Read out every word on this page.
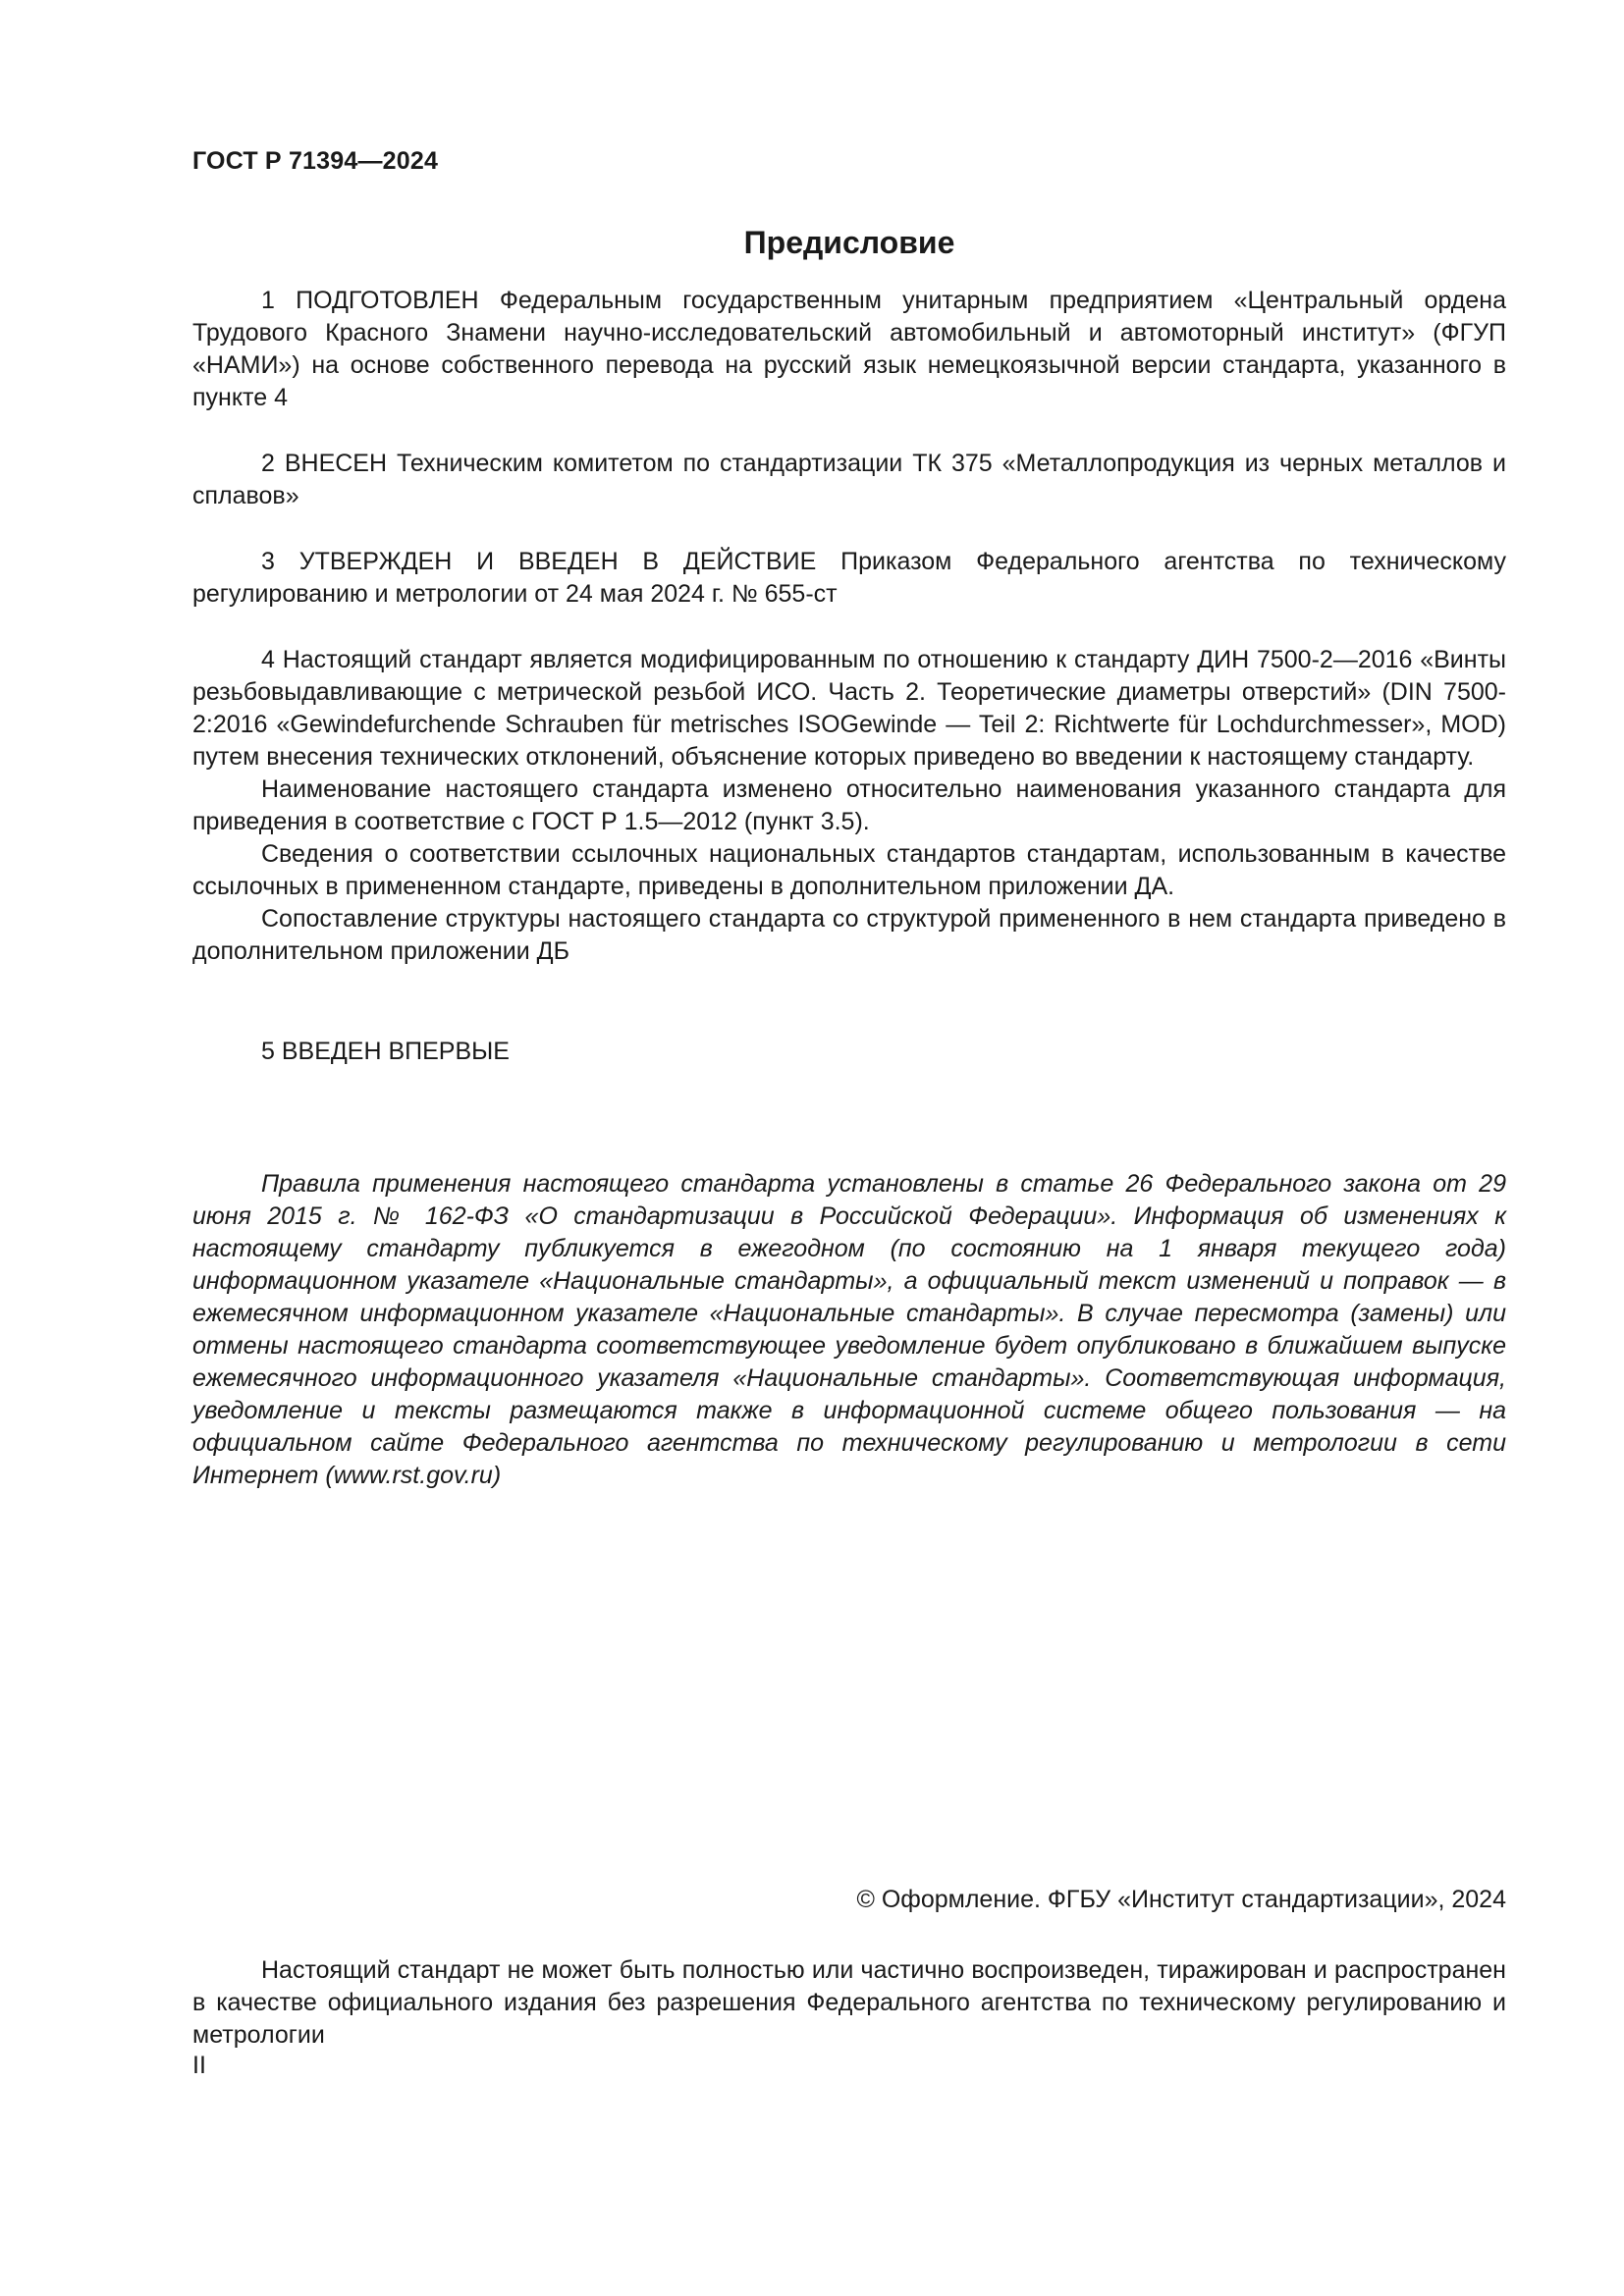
ГОСТ Р 71394—2024
Предисловие

1 ПОДГОТОВЛЕН Федеральным государственным унитарным предприятием «Центральный ордена Трудового Красного Знамени научно-исследовательский автомобильный и автомоторный институт» (ФГУП «НАМИ») на основе собственного перевода на русский язык немецкоязычной версии стандарта, указанного в пункте 4

2 ВНЕСЕН Техническим комитетом по стандартизации ТК 375 «Металлопродукция из черных металлов и сплавов»

3 УТВЕРЖДЕН И ВВЕДЕН В ДЕЙСТВИЕ Приказом Федерального агентства по техническому регулированию и метрологии от 24 мая 2024 г. № 655-ст

4 Настоящий стандарт является модифицированным по отношению к стандарту ДИН 7500-2—2016 «Винты резьбовыдавливающие с метрической резьбой ИСО. Часть 2. Теоретические диаметры отверстий» (DIN 7500-2:2016 «Gewindefurchende Schrauben für metrisches ISOGewinde — Teil 2: Richtwerte für Lochdurchmesser», MOD) путем внесения технических отклонений, объяснение которых приведено во введении к настоящему стандарту.

Наименование настоящего стандарта изменено относительно наименования указанного стандарта для приведения в соответствие с ГОСТ Р 1.5—2012 (пункт 3.5).

Сведения о соответствии ссылочных национальных стандартов стандартам, использованным в качестве ссылочных в примененном стандарте, приведены в дополнительном приложении ДА.

Сопоставление структуры настоящего стандарта со структурой примененного в нем стандарта приведено в дополнительном приложении ДБ

5 ВВЕДЕН ВПЕРВЫЕ

Правила применения настоящего стандарта установлены в статье 26 Федерального закона от 29 июня 2015 г. № 162-ФЗ «О стандартизации в Российской Федерации». Информация об изменениях к настоящему стандарту публикуется в ежегодном (по состоянию на 1 января текущего года) информационном указателе «Национальные стандарты», а официальный текст изменений и поправок — в ежемесячном информационном указателе «Национальные стандарты». В случае пересмотра (замены) или отмены настоящего стандарта соответствующее уведомление будет опубликовано в ближайшем выпуске ежемесячного информационного указателя «Национальные стандарты». Соответствующая информация, уведомление и тексты размещаются также в информационной системе общего пользования — на официальном сайте Федерального агентства по техническому регулированию и метрологии в сети Интернет (www.rst.gov.ru)

© Оформление. ФГБУ «Институт стандартизации», 2024

Настоящий стандарт не может быть полностью или частично воспроизведен, тиражирован и распространен в качестве официального издания без разрешения Федерального агентства по техническому регулированию и метрологии

II
